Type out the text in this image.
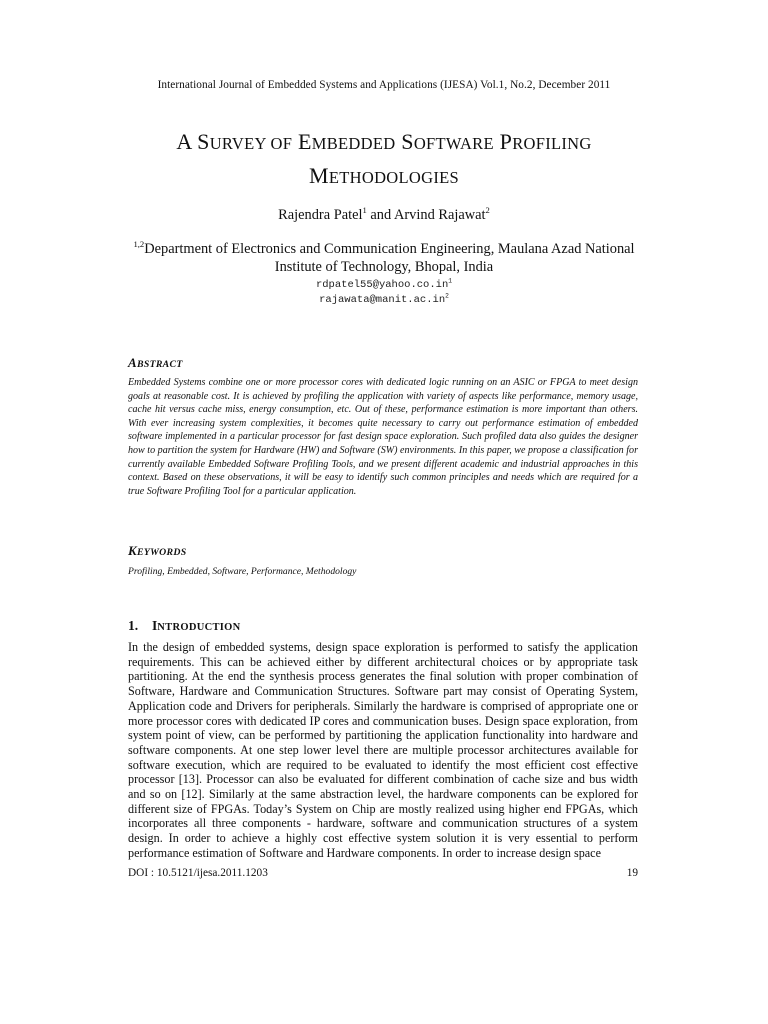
International Journal of Embedded Systems and Applications (IJESA) Vol.1, No.2, December 2011
A SURVEY OF EMBEDDED SOFTWARE PROFILING
METHODOLOGIES
Rajendra Patel$^1$ and Arvind Rajawat$^2$
$^{1,2}$Department of Electronics and Communication Engineering, Maulana Azad National
Institute of Technology, Bhopal, India
$rdpatel55@yahoo.co.in^1$
$rajawata@manit.ac.in^2$
ABSTRACT
Embedded Systems combine one or more processor cores with dedicated logic running on an ASIC or FPGA to meet design goals at reasonable cost. It is achieved by profiling the application with variety of aspects like performance, memory usage, cache hit versus cache miss, energy consumption, etc. Out of these, performance estimation is more important than others. With ever increasing system complexities, it becomes quite necessary to carry out performance estimation of embedded software implemented in a particular processor for fast design space exploration. Such profiled data also guides the designer how to partition the system for Hardware (HW) and Software (SW) environments. In this paper, we propose a classification for currently available Embedded Software Profiling Tools, and we present different academic and industrial approaches in this context. Based on these observations, it will be easy to identify such common principles and needs which are required for a true Software Profiling Tool for a particular application.
KEYWORDS
Profiling, Embedded, Software, Performance, Methodology
1. INTRODUCTION
In the design of embedded systems, design space exploration is performed to satisfy the application requirements. This can be achieved either by different architectural choices or by appropriate task partitioning. At the end the synthesis process generates the final solution with proper combination of Software, Hardware and Communication Structures. Software part may consist of Operating System, Application code and Drivers for peripherals. Similarly the hardware is comprised of appropriate one or more processor cores with dedicated IP cores and communication buses. Design space exploration, from system point of view, can be performed by partitioning the application functionality into hardware and software components. At one step lower level there are multiple processor architectures available for software execution, which are required to be evaluated to identify the most efficient cost effective processor [13]. Processor can also be evaluated for different combination of cache size and bus width and so on [12]. Similarly at the same abstraction level, the hardware components can be explored for different size of FPGAs. Today’s System on Chip are mostly realized using higher end FPGAs, which incorporates all three components - hardware, software and communication structures of a system design. In order to achieve a highly cost effective system solution it is very essential to perform performance estimation of Software and Hardware components. In order to increase design space
DOI : 10.5121/ijesa.2011.1203	19
